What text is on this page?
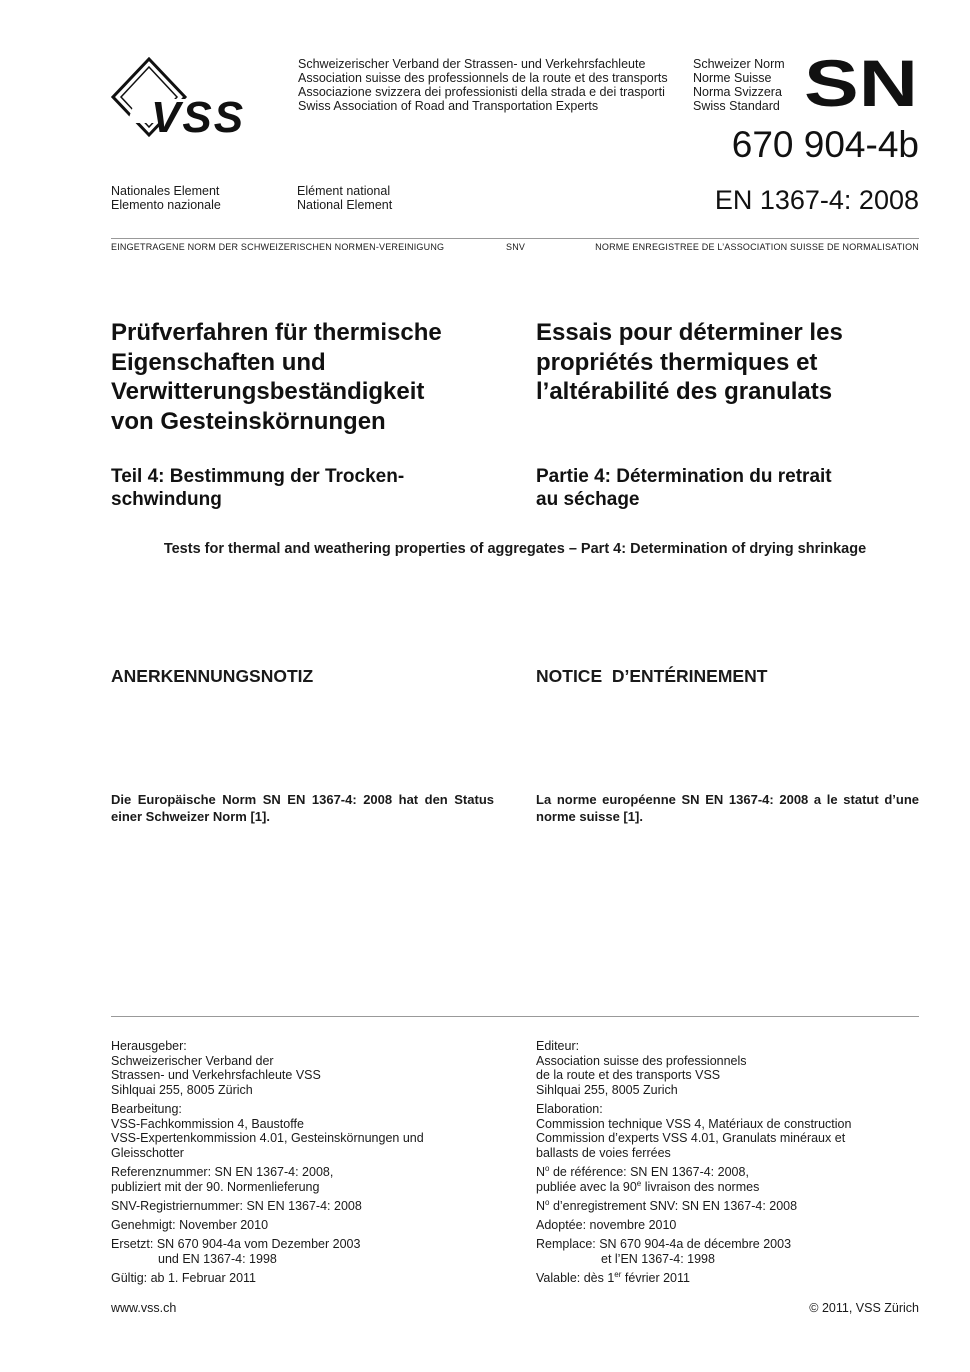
VSS
Schweizerischer Verband der Strassen- und Verkehrsfachleute
Association suisse des professionnels de la route et des transports
Associazione svizzera dei professionisti della strada e dei trasporti
Swiss Association of Road and Transportation Experts
Schweizer Norm
Norme Suisse
Norma Svizzera
Swiss Standard SN
670 904-4b
EN 1367-4: 2008
Nationales Element
Elemento nazionale
Elément national
National Element
EINGETRAGENE NORM DER SCHWEIZERISCHEN NORMEN-VEREINIGUNG	SNV	NORME ENREGISTREE DE L’ASSOCIATION SUISSE DE NORMALISATION
Prüfverfahren für thermische
Eigenschaften und
Verwitterungsbeständigkeit
von Gesteinskörnungen
Essais pour déterminer les
propriétés thermiques et
l’altérabilité des granulats
Teil 4: Bestimmung der Trocken-
schwindung
Partie 4: Détermination du retrait
au séchage
Tests for thermal and weathering properties of aggregates – Part 4: Determination of drying shrinkage
ANERKENNUNGSNOTIZ	NOTICE  D’ENTÉRINEMENT
Die Europäische Norm SN EN 1367-4: 2008 hat den Status einer Schweizer Norm [1].
La norme européenne SN EN 1367-4: 2008 a le statut d’une norme suisse [1].
Herausgeber:
Schweizerischer Verband der
Strassen- und Verkehrsfachleute VSS
Sihlquai 255, 8005 Zürich
Bearbeitung:
VSS-Fachkommission 4, Baustoffe
VSS-Expertenkommission 4.01, Gesteinskörnungen und
Gleisschotter
Referenznummer: SN EN 1367-4: 2008,
publiziert mit der 90. Normenlieferung
SNV-Registriernummer: SN EN 1367-4: 2008
Genehmigt: November 2010
Ersetzt: SN 670 904-4a vom Dezember 2003
und EN 1367-4: 1998
Gültig: ab 1. Februar 2011
Editeur:
Association suisse des professionnels
de la route et des transports VSS
Sihlquai 255, 8005 Zurich
Elaboration:
Commission technique VSS 4, Matériaux de construction
Commission d’experts VSS 4.01, Granulats minéraux et
ballasts de voies ferrées
$N^o$ de référence: SN EN 1367-4: 2008,
publiée avec la 90e livraison des normes
$N^o$ d’enregistrement SNV: SN EN 1367-4: 2008
Adoptée: novembre 2010
Remplace: SN 670 904-4a de décembre 2003
et l’EN 1367-4: 1998
Valable: dès 1er février 2011
www.vss.ch	© 2011, VSS Zürich
